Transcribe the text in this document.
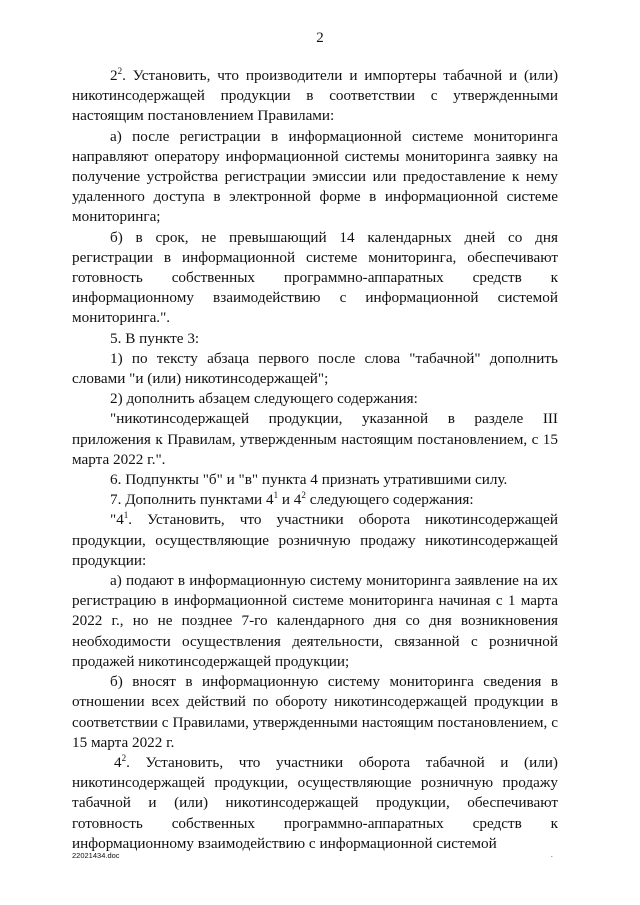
2

$2^2$. Установить, что производители и импортеры табачной и (или) никотинсодержащей продукции в соответствии с утвержденными настоящим постановлением Правилами:

а) после регистрации в информационной системе мониторинга направляют оператору информационной системы мониторинга заявку на получение устройства регистрации эмиссии или предоставление к нему удаленного доступа в электронной форме в информационной системе мониторинга;

б) в срок, не превышающий 14 календарных дней со дня регистрации в информационной системе мониторинга, обеспечивают готовность собственных программно-аппаратных средств к информационному взаимодействию с информационной системой мониторинга.".

5. В пункте 3:

1) по тексту абзаца первого после слова "табачной" дополнить словами "и (или) никотинсодержащей";

2) дополнить абзацем следующего содержания:

"никотинсодержащей продукции, указанной в разделе III приложения к Правилам, утвержденным настоящим постановлением, с 15 марта 2022 г.".

6. Подпункты "б" и "в" пункта 4 признать утратившими силу.

7. Дополнить пунктами $4^1$ и $4^2$ следующего содержания:

"$4^1$. Установить, что участники оборота никотинсодержащей продукции, осуществляющие розничную продажу никотинсодержащей продукции:

а) подают в информационную систему мониторинга заявление на их регистрацию в информационной системе мониторинга начиная с 1 марта 2022 г., но не позднее 7-го календарного дня со дня возникновения необходимости осуществления деятельности, связанной с розничной продажей никотинсодержащей продукции;

б) вносят в информационную систему мониторинга сведения в отношении всех действий по обороту никотинсодержащей продукции в соответствии с Правилами, утвержденными настоящим постановлением, с 15 марта 2022 г.

$4^2$. Установить, что участники оборота табачной и (или) никотинсодержащей продукции, осуществляющие розничную продажу табачной и (или) никотинсодержащей продукции, обеспечивают готовность собственных программно-аппаратных средств к информационному взаимодействию с информационной системой

22021434.doc	.
